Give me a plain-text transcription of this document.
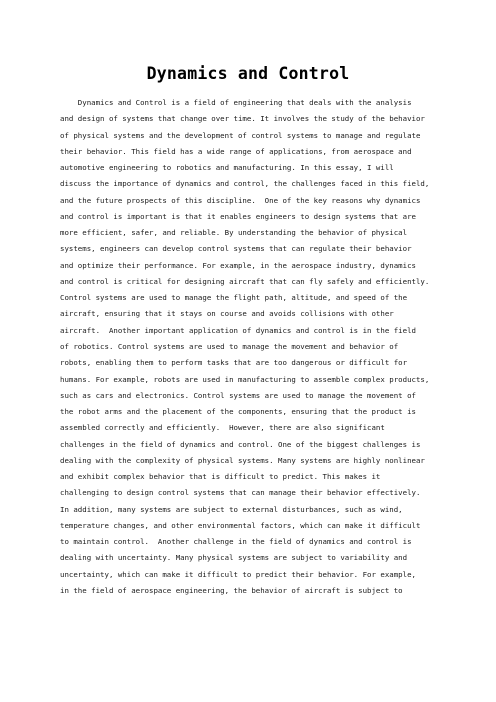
Dynamics and Control
Dynamics and Control is a field of engineering that deals with the analysis
and design of systems that change over time. It involves the study of the behavior
of physical systems and the development of control systems to manage and regulate
their behavior. This field has a wide range of applications, from aerospace and
automotive engineering to robotics and manufacturing. In this essay, I will
discuss the importance of dynamics and control, the challenges faced in this field,
and the future prospects of this discipline.  One of the key reasons why dynamics
and control is important is that it enables engineers to design systems that are
more efficient, safer, and reliable. By understanding the behavior of physical
systems, engineers can develop control systems that can regulate their behavior
and optimize their performance. For example, in the aerospace industry, dynamics
and control is critical for designing aircraft that can fly safely and efficiently.
Control systems are used to manage the flight path, altitude, and speed of the
aircraft, ensuring that it stays on course and avoids collisions with other
aircraft.  Another important application of dynamics and control is in the field
of robotics. Control systems are used to manage the movement and behavior of
robots, enabling them to perform tasks that are too dangerous or difficult for
humans. For example, robots are used in manufacturing to assemble complex products,
such as cars and electronics. Control systems are used to manage the movement of
the robot arms and the placement of the components, ensuring that the product is
assembled correctly and efficiently.  However, there are also significant
challenges in the field of dynamics and control. One of the biggest challenges is
dealing with the complexity of physical systems. Many systems are highly nonlinear
and exhibit complex behavior that is difficult to predict. This makes it
challenging to design control systems that can manage their behavior effectively.
In addition, many systems are subject to external disturbances, such as wind,
temperature changes, and other environmental factors, which can make it difficult
to maintain control.  Another challenge in the field of dynamics and control is
dealing with uncertainty. Many physical systems are subject to variability and
uncertainty, which can make it difficult to predict their behavior. For example,
in the field of aerospace engineering, the behavior of aircraft is subject to
